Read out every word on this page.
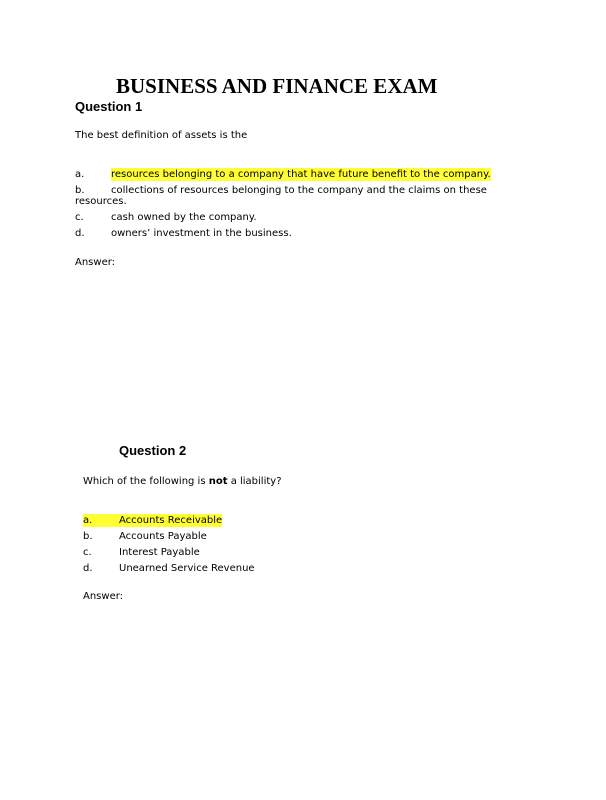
BUSINESS AND FINANCE EXAM
Question 1
The best definition of assets is the
a.	resources belonging to a company that have future benefit to the company.
b.	collections of resources belonging to the company and the claims on these
resources.
c.	cash owned by the company.
d.	owners’ investment in the business.
Answer:
Question 2
Which of the following is not a liability?
a.	Accounts Receivable
b.	Accounts Payable
c.	Interest Payable
d.	Unearned Service Revenue
Answer:
